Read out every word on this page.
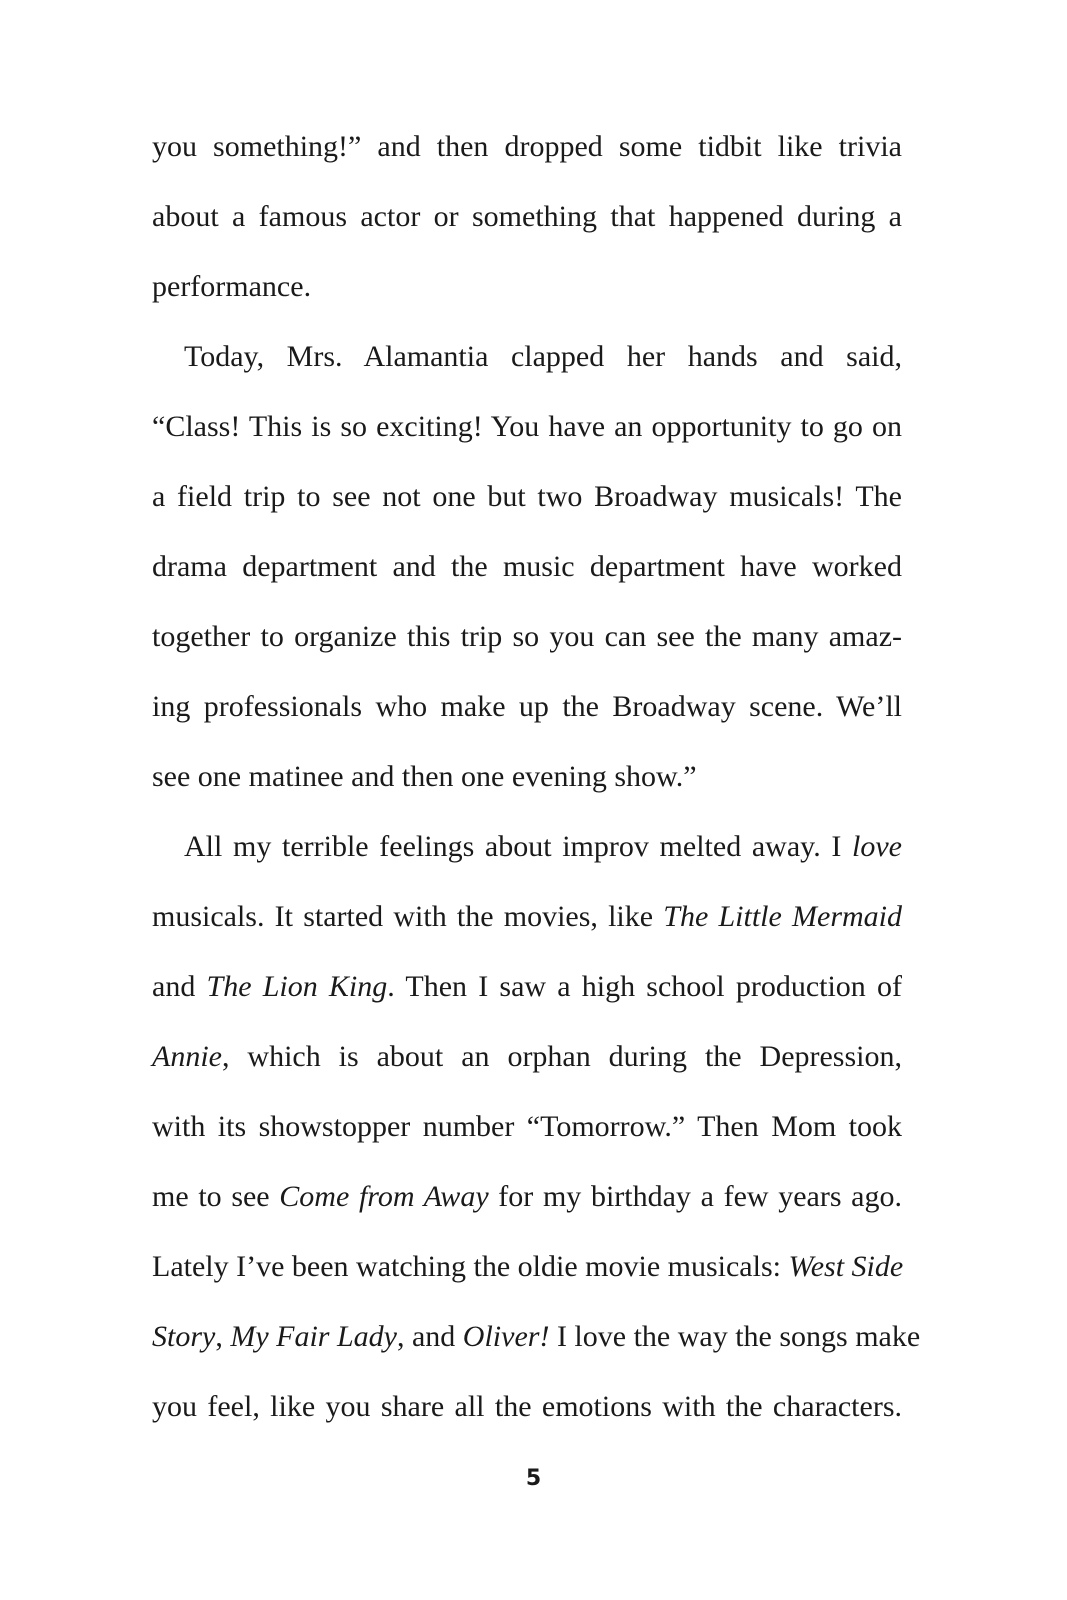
you something!” and then dropped some tidbit like trivia
about a famous actor or something that happened during a
performance.

Today, Mrs. Alamantia clapped her hands and said,
“Class! This is so exciting! You have an opportunity to go on
a field trip to see not one but two Broadway musicals! The
drama department and the music department have worked
together to organize this trip so you can see the many amaz-
ing professionals who make up the Broadway scene. We’ll
see one matinee and then one evening show.”

All my terrible feelings about improv melted away. I love
musicals. It started with the movies, like The Little Mermaid
and The Lion King. Then I saw a high school production of
Annie, which is about an orphan during the Depression,
with its showstopper number “Tomorrow.” Then Mom took
me to see Come from Away for my birthday a few years ago.
Lately I’ve been watching the oldie movie musicals: West Side
Story, My Fair Lady, and Oliver! I love the way the songs make
you feel, like you share all the emotions with the characters.

5
